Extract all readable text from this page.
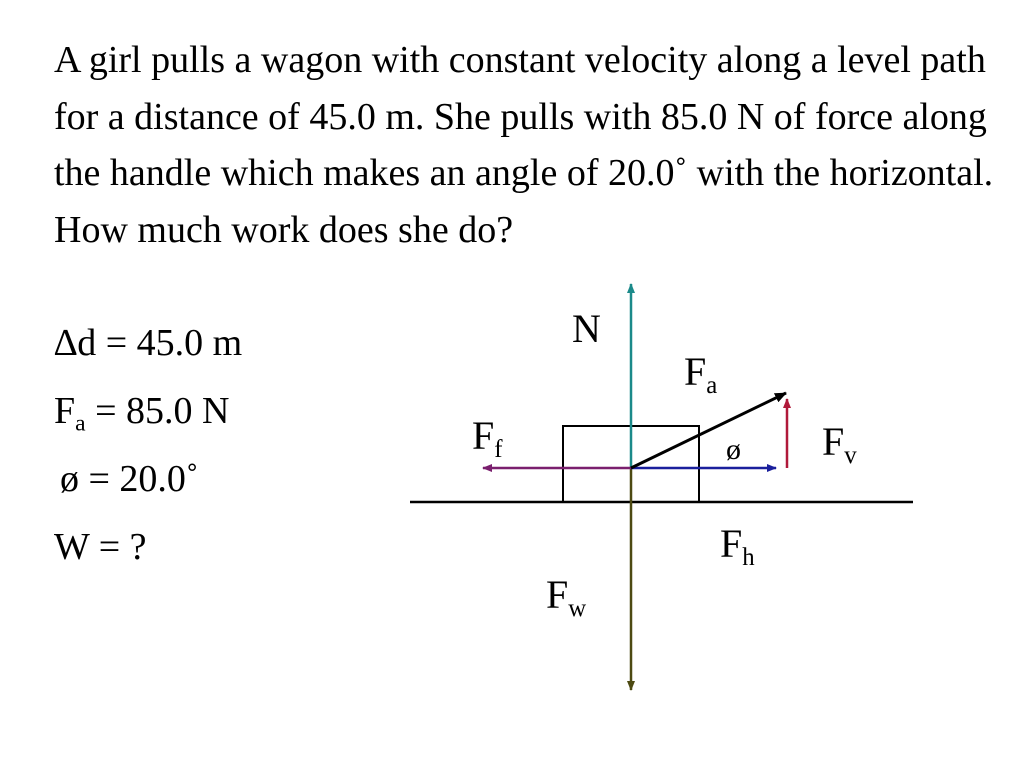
A girl pulls a wagon with constant velocity along a level path for a distance of 45.0 m. She pulls with 85.0 N of force along the handle which makes an angle of 20.0˚ with the horizontal. How much work does she do?

∆d = 45.0 m
$F_a = 85.0$ N
ø = 20.0˚
W = ?
N
$F_a$
$F_f$	$F_v$
ø
$F_h$
$F_w$
